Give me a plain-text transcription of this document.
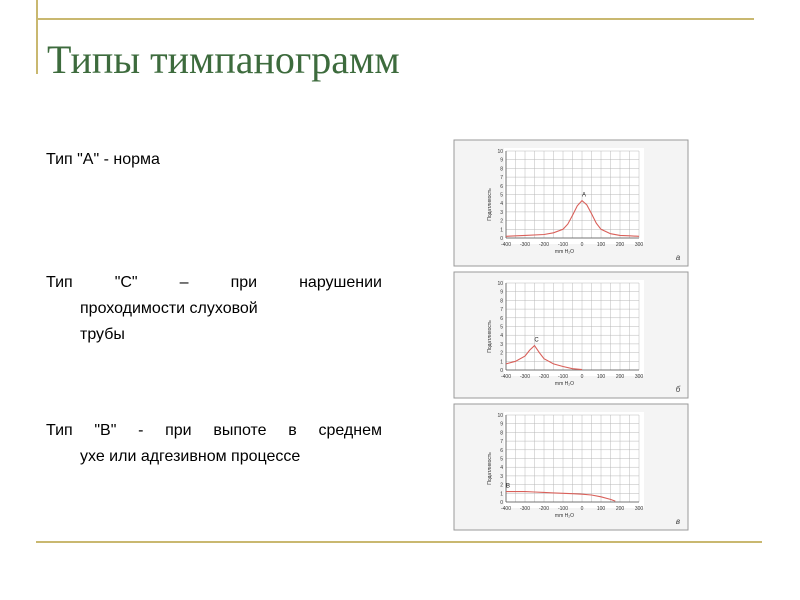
Типы тимпанограмм
Тип "A" - норма
Тип "C" – при нарушении
проходимости слуховой
трубы
Тип "B" - при выпоте в среднем
ухе или адгезивном процессе
0
1
2
3
4
5
6
7
8
9
10
-400 -300 -200 -100	0	100 200 300
mm H₂O
Податливость	A
а
0
1
2
3
4
5
6
7
8
9
10
-400 -300 -200 -100	0	100 200 300
mm H₂O
Податливость	C
б
0
1
2
3
4
5
6
7
8
9
10
-400 -300 -200 -100	0	100 200 300
mm H₂O
Податливость
B
в
